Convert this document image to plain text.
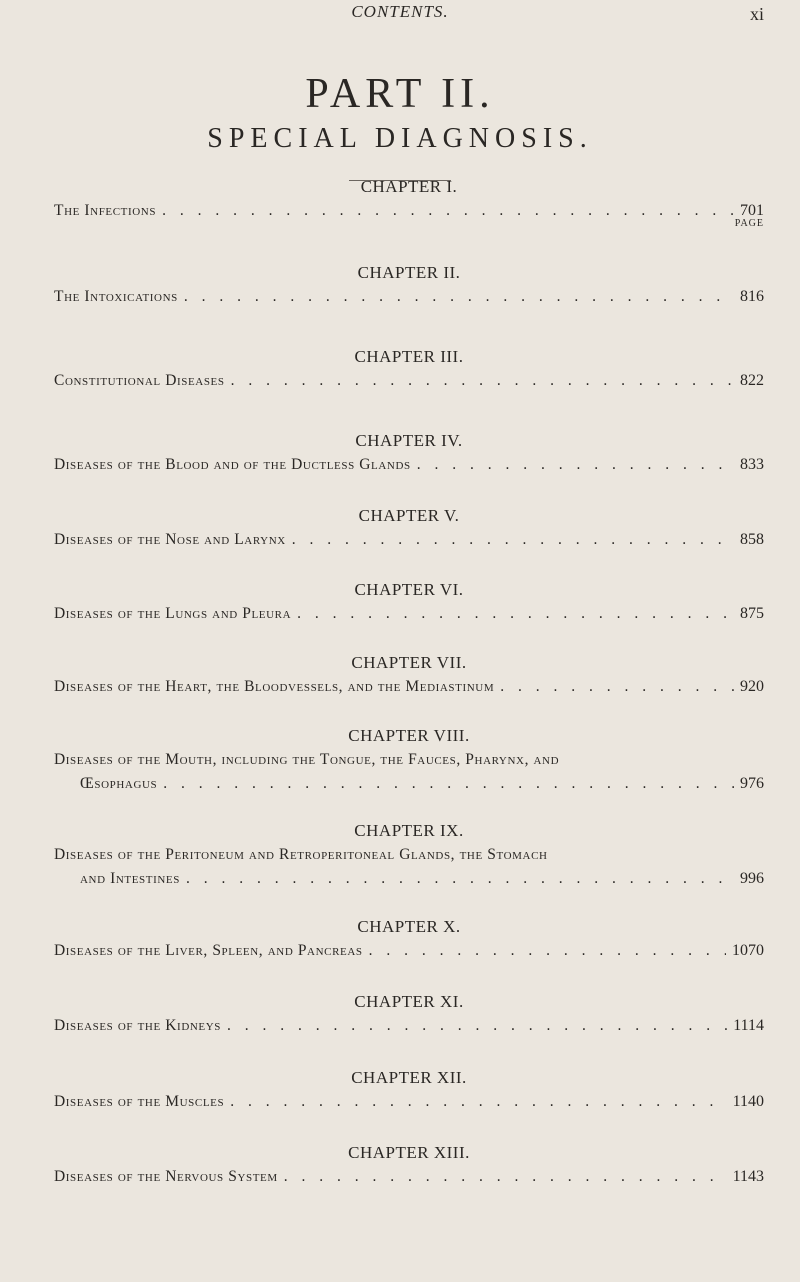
CONTENTS.	xi
PART II.
SPECIAL DIAGNOSIS.
PAGE
CHAPTER I.
The Infections . . .	701
CHAPTER II.
The Intoxications . . .	816
CHAPTER III.
Constitutional Diseases . . .	822
CHAPTER IV.
Diseases of the Blood and of the Ductless Glands . . .	833
CHAPTER V.
Diseases of the Nose and Larynx . . .	858
CHAPTER VI.
Diseases of the Lungs and Pleura . . .	875
CHAPTER VII.
Diseases of the Heart, the Bloodvessels, and the Mediastinum . . .	920
CHAPTER VIII.
Diseases of the Mouth, including the Tongue, the Fauces, Pharynx, and
Œsophagus . . .	976
CHAPTER IX.
Diseases of the Peritoneum and Retroperitoneal Glands, the Stomach
and Intestines . . .	996
CHAPTER X.
Diseases of the Liver, Spleen, and Pancreas . . .	1070
CHAPTER XI.
Diseases of the Kidneys . . .	1114
CHAPTER XII.
Diseases of the Muscles . . .	1140
CHAPTER XIII.
Diseases of the Nervous System . . .	1143
